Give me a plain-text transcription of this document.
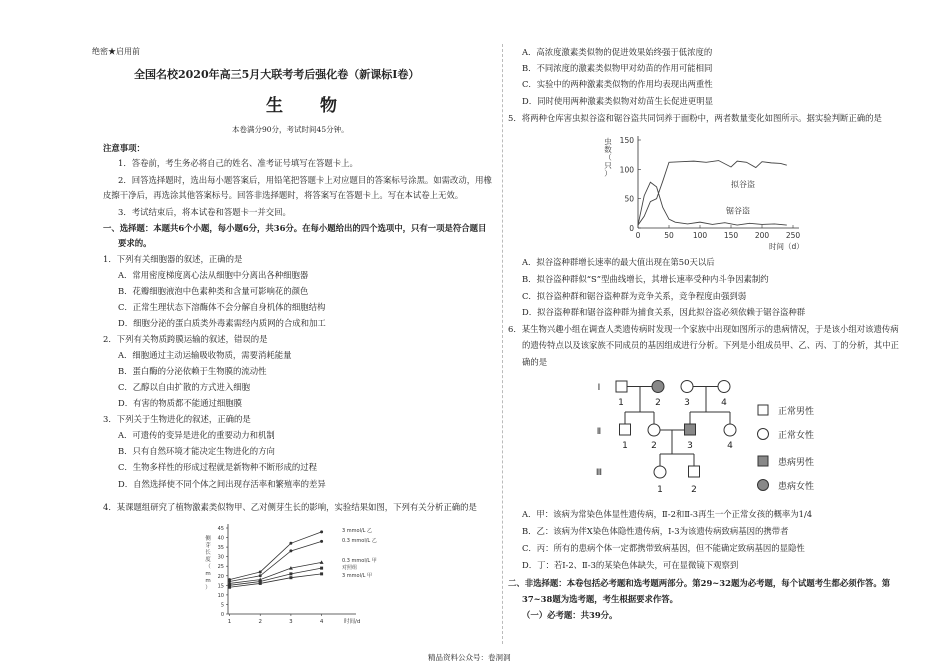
绝密★启用前
全国名校2020年高三5月大联考考后强化卷（新课标Ⅰ卷）
生　物
本卷满分90分，考试时间45分钟。
注意事项：
1．答卷前，考生务必将自己的姓名、准考证号填写在答题卡上。
2．回答选择题时，选出每小题答案后，用铅笔把答题卡上对应题目的答案标号涂黑。如需改动，用橡
皮擦干净后，再选涂其他答案标号。回答非选择题时，将答案写在答题卡上。写在本试卷上无效。
3．考试结束后，将本试卷和答题卡一并交回。
一、选择题：本题共6个小题，每小题6分，共36分。在每小题给出的四个选项中，只有一项是符合题目
要求的。
1．下列有关细胞器的叙述，正确的是
A．常用密度梯度离心法从细胞中分离出各种细胞器
B．花瓣细胞液泡中色素种类和含量可影响花的颜色
C．正常生理状态下溶酶体不会分解自身机体的细胞结构
D．细胞分泌的蛋白质类外毒素需经内质网的合成和加工
2．下列有关物质跨膜运输的叙述，错误的是
A．细胞通过主动运输吸收物质，需要消耗能量
B．蛋白酶的分泌依赖于生物膜的流动性
C．乙醇以自由扩散的方式进入细胞
D．有害的物质都不能通过细胞膜
3．下列关于生物进化的叙述，正确的是
A．可遗传的变异是进化的重要动力和机制
B．只有自然环境才能决定生物进化的方向
C．生物多样性的形成过程就是新物种不断形成的过程
D．自然选择使不同个体之间出现存活率和繁殖率的差异
4．某课题组研究了植物激素类似物甲、乙对侧芽生长的影响，实验结果如图，下列有关分析正确的是
0
5
10
15
20
25
30
35
40
45
1	2	3	4	时间/d
侧
芽
长
度
（
m
m
）
3 mmol/L 乙
0.3 mmol/L 乙
0.3 mmol/L 甲
对照组
3 mmol/L 甲
A．高浓度激素类似物的促进效果始终强于低浓度的
B．不同浓度的激素类似物甲对幼苗的作用可能相同
C．实验中的两种激素类似物的作用均表现出两重性
D．同时使用两种激素类似物对幼苗生长促进更明显
5．将两种仓库害虫拟谷盗和锯谷盗共同饲养于面粉中，两者数量变化如图所示。据实验判断正确的是
0
50
100
150
0	50	100 150 200 250
时间（d）
虫
数
（
只
）
拟谷盗
锯谷盗
A．拟谷盗种群增长速率的最大值出现在第50天以后
B．拟谷盗种群似“S”型曲线增长，其增长速率受种内斗争因素制约
C．拟谷盗种群和锯谷盗种群为竞争关系，竞争程度由强到弱
D．拟谷盗种群和锯谷盗种群为捕食关系，因此拟谷盗必须依赖于锯谷盗种群
6．某生物兴趣小组在调查人类遗传病时发现一个家族中出现如图所示的患病情况，于是该小组对该遗传病
的遗传特点以及该家族不同成员的基因组成进行分析。下列是小组成员甲、乙、丙、丁的分析，其中正
确的是
Ⅰ
Ⅱ
Ⅲ
1	2	3	4
1	2	3	4
1	2
正常男性
正常女性
患病男性
患病女性
A．甲：该病为常染色体显性遗传病，Ⅱ-2和Ⅱ-3再生一个正常女孩的概率为1/4
B．乙：该病为伴X染色体隐性遗传病，Ⅰ-3为该遗传病致病基因的携带者
C．丙：所有的患病个体一定都携带致病基因，但不能确定致病基因的显隐性
D．丁：若Ⅰ-2、Ⅱ-3的某染色体缺失，可在显微镜下观察到
二、非选择题：本卷包括必考题和选考题两部分。第29~32题为必考题，每个试题考生都必须作答。第
37~38题为选考题，考生根据要求作答。
（一）必考题：共39分。
精品资料公众号：卷洞洞
